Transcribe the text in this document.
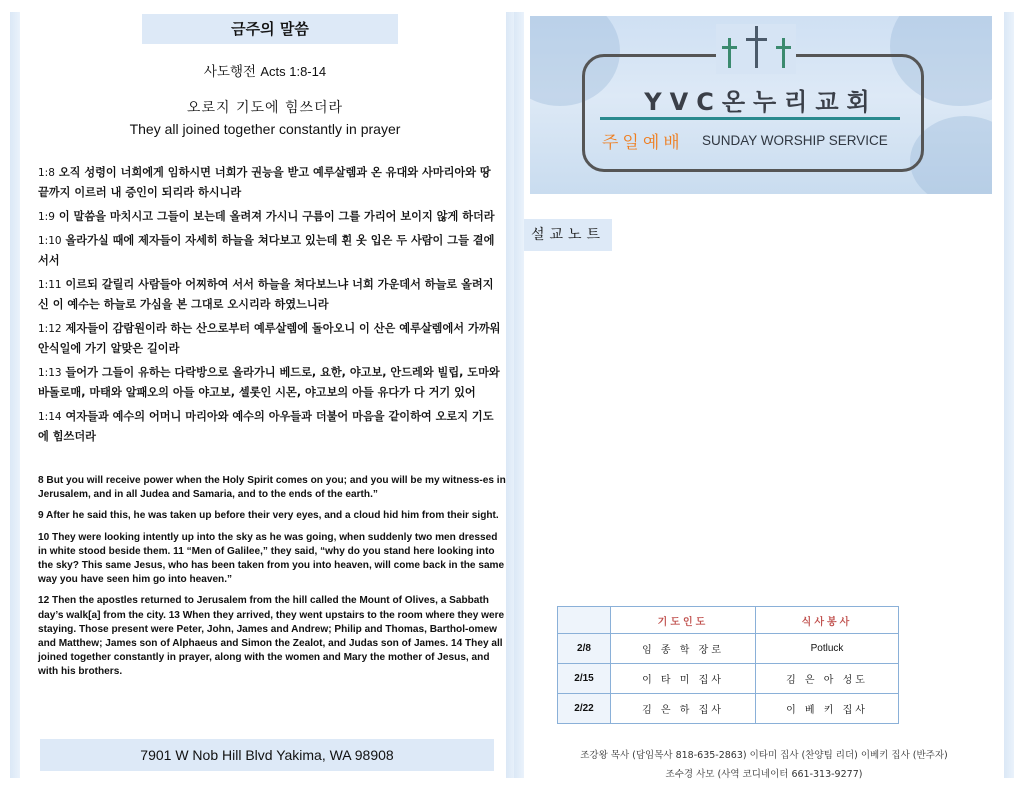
금주의 말씀
사도행전 Acts 1:8-14
오로지 기도에 힘쓰더라
They all joined together constantly in prayer

1:8 오직 성령이 너희에게 임하시면 너희가 권능을 받고 예루살렘과 온 유대와 사마리아와 땅 끝까지 이르러 내 증인이 되리라 하시니라

1:9 이 말씀을 마치시고 그들이 보는데 올려져 가시니 구름이 그를 가리어 보이지 않게 하더라

1:10 올라가실 때에 제자들이 자세히 하늘을 쳐다보고 있는데 흰 옷 입은 두 사람이 그들 곁에 서서

1:11 이르되 갈릴리 사람들아 어찌하여 서서 하늘을 쳐다보느냐 너희 가운데서 하늘로 올려지신 이 예수는 하늘로 가심을 본 그대로 오시리라 하였느니라

1:12 제자들이 감람원이라 하는 산으로부터 예루살렘에 돌아오니 이 산은 예루살렘에서 가까워 안식일에 가기 알맞은 길이라

1:13 들어가 그들이 유하는 다락방으로 올라가니 베드로, 요한, 야고보, 안드레와 빌립, 도마와 바돌로매, 마태와 알패오의 아들 야고보, 셀롯인 시몬, 야고보의 아들 유다가 다 거기 있어

1:14 여자들과 예수의 어머니 마리아와 예수의 아우들과 더불어 마음을 같이하여 오로지 기도에 힘쓰더라

8 But you will receive power when the Holy Spirit comes on you; and you will be my witness-es in Jerusalem, and in all Judea and Samaria, and to the ends of the earth.”

9 After he said this, he was taken up before their very eyes, and a cloud hid him from their sight.

10 They were looking intently up into the sky as he was going, when suddenly two men dressed in white stood beside them. 11 “Men of Galilee,” they said, “why do you stand here looking into the sky? This same Jesus, who has been taken from you into heaven, will come back in the same way you have seen him go into heaven.”

12 Then the apostles returned to Jerusalem from the hill called the Mount of Olives, a Sabbath day’s walk[a] from the city. 13 When they arrived, they went upstairs to the room where they were staying. Those present were Peter, John, James and Andrew; Philip and Thomas, Barthol-omew and Matthew; James son of Alphaeus and Simon the Zealot, and Judas son of James. 14 They all joined together constantly in prayer, along with the women and Mary the mother of Jesus, and with his brothers.

7901 W Nob Hill Blvd Yakima, WA 98908
YVC온누리교회
주일예배 SUNDAY WORSHIP SERVICE
설교노트
	기도인도	식사봉사
2/8	임 종 학 장로	Potluck
2/15	이 타 미 집사	김 은 아 성도
2/22	김 은 하 집사	이 베 키 집사
조강왕 목사 (담임목사 818-635-2863) 이타미 집사 (찬양팀 리더) 이베키 집사 (반주자)
조수경 사모 (사역 코디네이터 661-313-9277)
